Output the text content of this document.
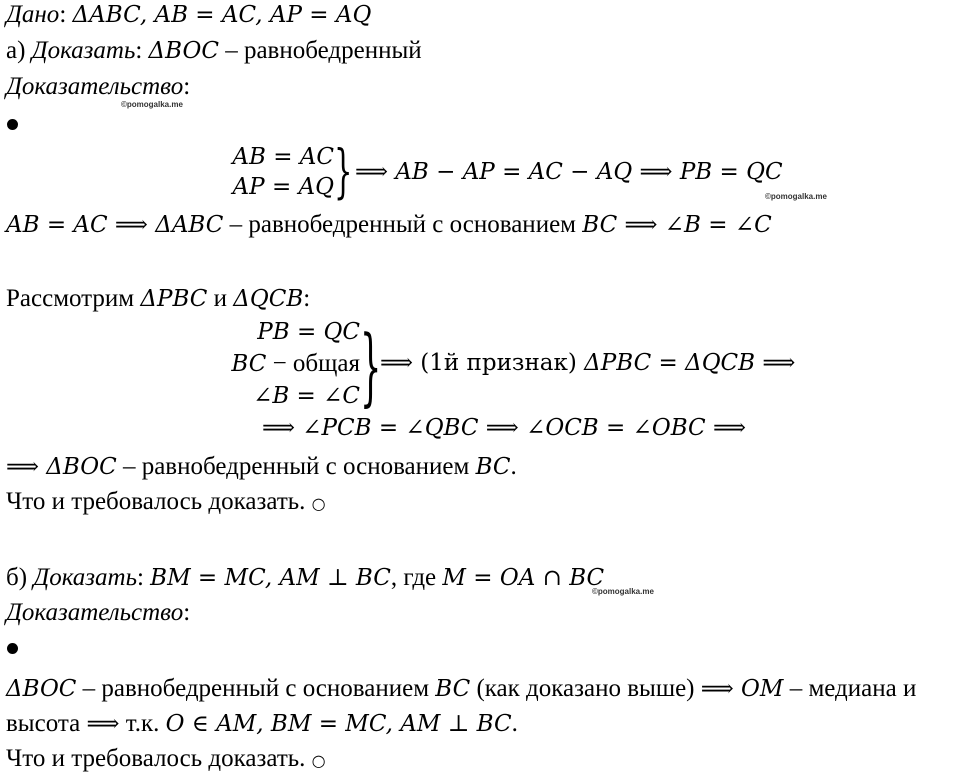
Дано: ΔABC, AB = AC, AP = AQ
а) Доказать: ΔBOC – равнобедренный
Доказательство:
©pomogalka.me
AB = AC
AP = AQ } ⟹ AB − AP = AC − AQ ⟹ PB = QC
©pomogalka.me
AB = AC ⟹ ΔABC – равнобедренный с основанием BC ⟹ ∠B = ∠C
Рассмотрим ΔPBC и ΔQCB:
PB = QC
BC − общая
∠B = ∠C }
⟹ (1й признак) ΔPBC = ΔQCB ⟹
⟹ ∠PCB = ∠QBC ⟹ ∠OCB = ∠OBC ⟹
⟹ ΔBOC – равнобедренный с основанием BC.
Что и требовалось доказать. ○
б) Доказать: BM = MC, AM ⊥ BC, где M = OA ∩ BC
©pomogalka.me
Доказательство:
ΔBOC – равнобедренный с основанием BC (как доказано выше) ⟹ OM – медиана и
высота ⟹ т.к. O ∈ AM, BM = MC, AM ⊥ BC.
Что и требовалось доказать. ○
